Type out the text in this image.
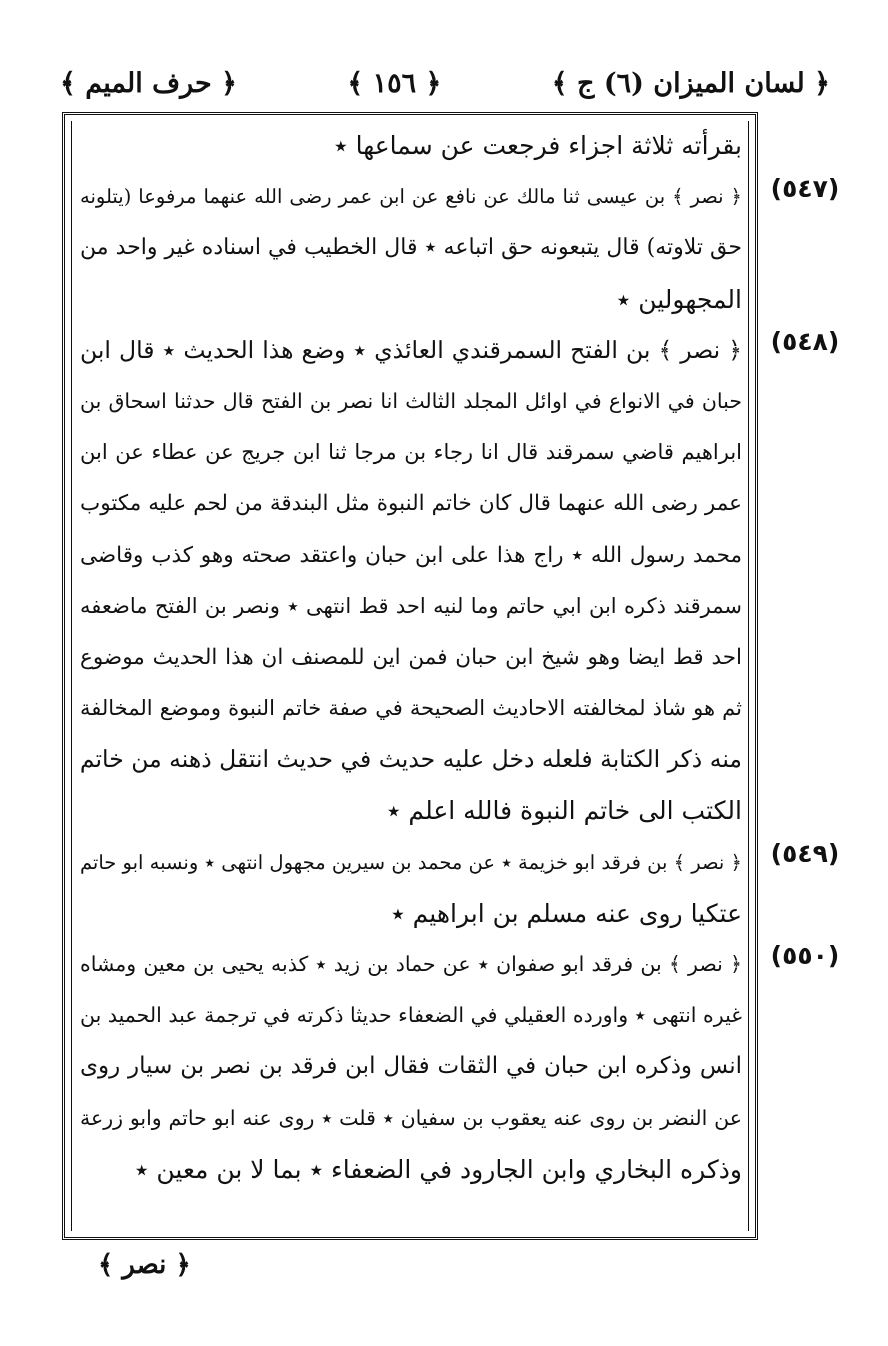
﴿ لسان الميزان (٦) ج ﴾
﴿ ١٥٦ ﴾
﴿ حرف الميم ﴾
بقرأته ثلاثة اجزاء فرجعت عن سماعها ٭
﴿ نصر ﴾ بن عيسى ثنا مالك عن نافع عن ابن عمر رضى الله عنهما مرفوعا (يتلونه
حق تلاوته) قال يتبعونه حق اتباعه ٭ قال الخطيب في اسناده غير واحد من
المجهولين ٭
﴿ نصر ﴾ بن الفتح السمرقندي العائذي ٭ وضع هذا الحديث ٭ قال ابن
حبان في الانواع في اوائل المجلد الثالث انا نصر بن الفتح قال حدثنا اسحاق بن
ابراهيم قاضي سمرقند قال انا رجاء بن مرجا ثنا ابن جريج عن عطاء عن ابن
عمر رضى الله عنهما قال كان خاتم النبوة مثل البندقة من لحم عليه مكتوب
محمد رسول الله ٭ راج هذا على ابن حبان واعتقد صحته وهو كذب وقاضى
سمرقند ذكره ابن ابي حاتم وما لنيه احد قط انتهى ٭ ونصر بن الفتح ماضعفه
احد قط ايضا وهو شيخ ابن حبان فمن اين للمصنف ان هذا الحديث موضوع
ثم هو شاذ لمخالفته الاحاديث الصحيحة في صفة خاتم النبوة وموضع المخالفة
منه ذكر الكتابة فلعله دخل عليه حديث في حديث انتقل ذهنه من خاتم
الكتب الى خاتم النبوة فالله اعلم ٭
﴿ نصر ﴾ بن فرقد ابو خزيمة ٭ عن محمد بن سيرين مجهول انتهى ٭ ونسبه ابو حاتم
عتكيا روى عنه مسلم بن ابراهيم ٭
﴿ نصر ﴾ بن فرقد ابو صفوان ٭ عن حماد بن زيد ٭ كذبه يحيى بن معين ومشاه
غيره انتهى ٭ واورده العقيلي في الضعفاء حديثا ذكرته في ترجمة عبد الحميد بن
انس وذكره ابن حبان في الثقات فقال ابن فرقد بن نصر بن سيار روى
عن النضر بن روى عنه يعقوب بن سفيان ٭ قلت ٭ روى عنه ابو حاتم وابو زرعة
وذكره البخاري وابن الجارود في الضعفاء ٭ بما لا بن معين ٭
(٥٤٧)
(٥٤٨)
(٥٤٩)
(٥٥٠)
﴿ نصر ﴾
